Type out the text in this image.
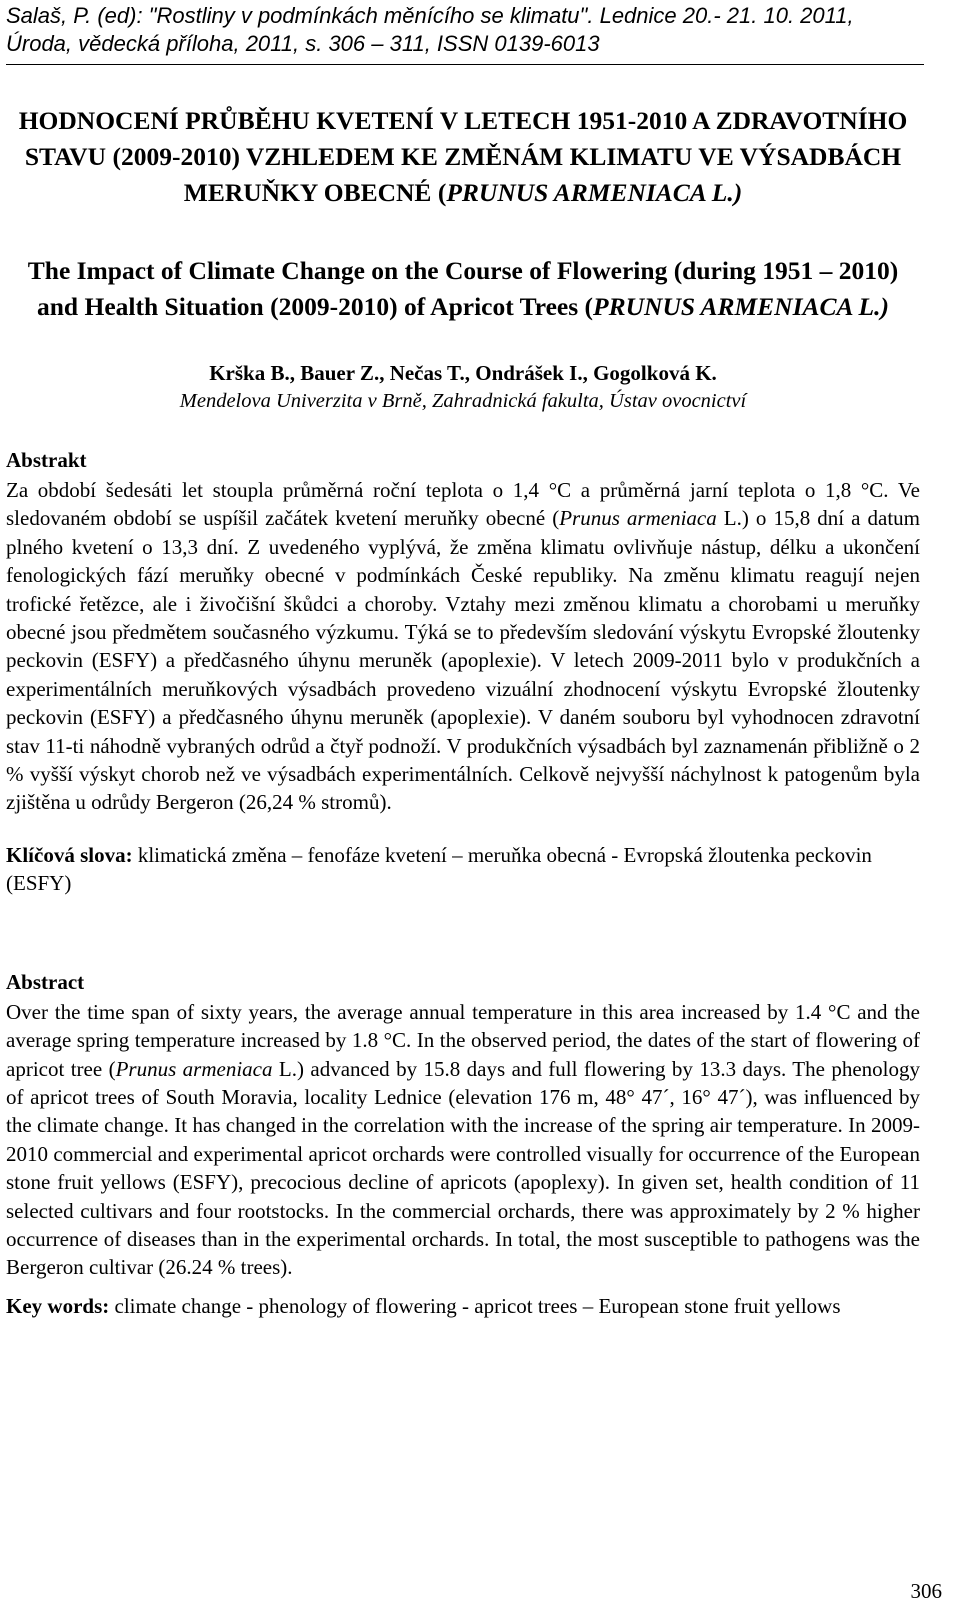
Salaš, P. (ed): "Rostliny v podmínkách měnícího se klimatu". Lednice 20.- 21. 10. 2011,
Úroda, vědecká příloha, 2011, s. 306 – 311, ISSN 0139-6013
HODNOCENÍ PRŮBĚHU KVETENÍ V LETECH 1951-2010 A ZDRAVOTNÍHO STAVU (2009-2010) VZHLEDEM KE ZMĚNÁM KLIMATU VE VÝSADBÁCH MERUŇKY OBECNÉ (PRUNUS ARMENIACA L.)
The Impact of Climate Change on the Course of Flowering (during 1951 – 2010) and Health Situation (2009-2010) of Apricot Trees (PRUNUS ARMENIACA L.)
Krška B., Bauer Z., Nečas T., Ondrášek I., Gogolková K.
Mendelova Univerzita v Brně, Zahradnická fakulta, Ústav ovocnictví
Abstrakt

Za období šedesáti let stoupla průměrná roční teplota o 1,4 °C a průměrná jarní teplota o 1,8 °C. Ve sledovaném období se uspíšil začátek kvetení meruňky obecné (Prunus armeniaca L.) o 15,8 dní a datum plného kvetení o 13,3 dní. Z uvedeného vyplývá, že změna klimatu ovlivňuje nástup, délku a ukončení fenologických fází meruňky obecné v podmínkách České republiky. Na změnu klimatu reagují nejen trofické řetězce, ale i živočišní škůdci a choroby. Vztahy mezi změnou klimatu a chorobami u meruňky obecné jsou předmětem současného výzkumu. Týká se to především sledování výskytu Evropské žloutenky peckovin (ESFY) a předčasného úhynu meruněk (apoplexie). V letech 2009-2011 bylo v produkčních a experimentálních meruňkových výsadbách provedeno vizuální zhodnocení výskytu Evropské žloutenky peckovin (ESFY) a předčasného úhynu meruněk (apoplexie). V daném souboru byl vyhodnocen zdravotní stav 11-ti náhodně vybraných odrůd a čtyř podnoží. V produkčních výsadbách byl zaznamenán přibližně o 2 % vyšší výskyt chorob než ve výsadbách experimentálních. Celkově nejvyšší náchylnost k patogenům byla zjištěna u odrůdy Bergeron (26,24 % stromů).

Klíčová slova: klimatická změna – fenofáze kvetení – meruňka obecná - Evropská žloutenka peckovin (ESFY)

Abstract

Over the time span of sixty years, the average annual temperature in this area increased by 1.4 °C and the average spring temperature increased by 1.8 °C. In the observed period, the dates of the start of flowering of apricot tree (Prunus armeniaca L.) advanced by 15.8 days and full flowering by 13.3 days. The phenology of apricot trees of South Moravia, locality Lednice (elevation 176 m, 48° 47´, 16° 47´), was influenced by the climate change. It has changed in the correlation with the increase of the spring air temperature. In 2009-2010 commercial and experimental apricot orchards were controlled visually for occurrence of the European stone fruit yellows (ESFY), precocious decline of apricots (apoplexy). In given set, health condition of 11 selected cultivars and four rootstocks. In the commercial orchards, there was approximately by 2 % higher occurrence of diseases than in the experimental orchards. In total, the most susceptible to pathogens was the Bergeron cultivar (26.24 % trees).

Key words: climate change - phenology of flowering - apricot trees – European stone fruit yellows

306
